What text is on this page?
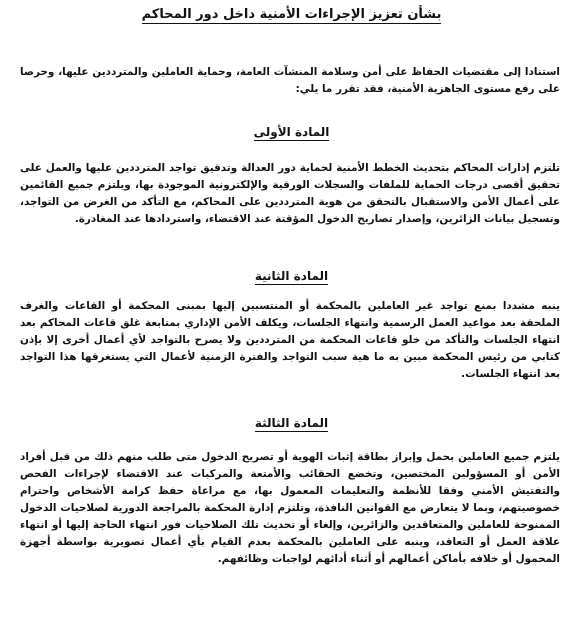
بشأن تعزيز الإجراءات الأمنية داخل دور المحاكم
استنادا إلى مقتضيات الحفاظ على أمن وسلامة المنشآت العامة، وحماية العاملين والمترددين عليها، وحرصا على رفع مستوى الجاهزية الأمنية، فقد تقرر ما يلي:
المادة الأولى
تلتزم إدارات المحاكم بتحديث الخطط الأمنية لحماية دور العدالة وتدقيق تواجد المترددين عليها والعمل على تحقيق أقصى درجات الحماية للملفات والسجلات الورقية والإلكترونية الموجودة بها، ويلتزم جميع القائمين على أعمال الأمن والاستقبال بالتحقق من هوية المترددين على المحاكم، مع التأكد من الغرض من التواجد، وتسجيل بيانات الزائرين، وإصدار تصاريح الدخول المؤقتة عند الاقتضاء، واستردادها عند المغادرة.
المادة الثانية
ينبه مشددا بمنع تواجد غير العاملين بالمحكمة أو المنتسبين إليها بمبنى المحكمة أو القاعات والغرف الملحقة بعد مواعيد العمل الرسمية وانتهاء الجلسات، ويكلف الأمن الإداري بمتابعة غلق قاعات المحاكم بعد انتهاء الجلسات والتأكد من خلو قاعات المحكمة من المترددين ولا يصرح بالتواجد لأي أعمال أخرى إلا بإذن كتابي من رئيس المحكمة مبين به ما هية سبب التواجد والفترة الزمنية لأعمال التي يستغرقها هذا التواجد بعد انتهاء الجلسات.
المادة الثالثة
يلتزم جميع العاملين بحمل وإبراز بطاقة إثبات الهوية أو تصريح الدخول متى طلب منهم ذلك من قبل أفراد الأمن أو المسؤولين المختصين، وتخضع الحقائب والأمتعة والمركبات عند الاقتضاء لإجراءات الفحص والتفتيش الأمني وفقا للأنظمة والتعليمات المعمول بها، مع مراعاة حفظ كرامة الأشخاص واحترام خصوصيتهم، وبما لا يتعارض مع القوانين النافذة، وتلتزم إدارة المحكمة بالمراجعة الدورية لصلاحيات الدخول الممنوحة للعاملين والمتعاقدين والزائرين، وإلغاء أو تحديث تلك الصلاحيات فور انتهاء الحاجة إليها أو انتهاء علاقة العمل أو التعاقد، وينبه على العاملين بالمحكمة بعدم القيام بأي أعمال تصويرية بواسطة أجهزة المحمول أو خلافه بأماكن أعمالهم أو أثناء أدائهم لواجبات وظائفهم.
